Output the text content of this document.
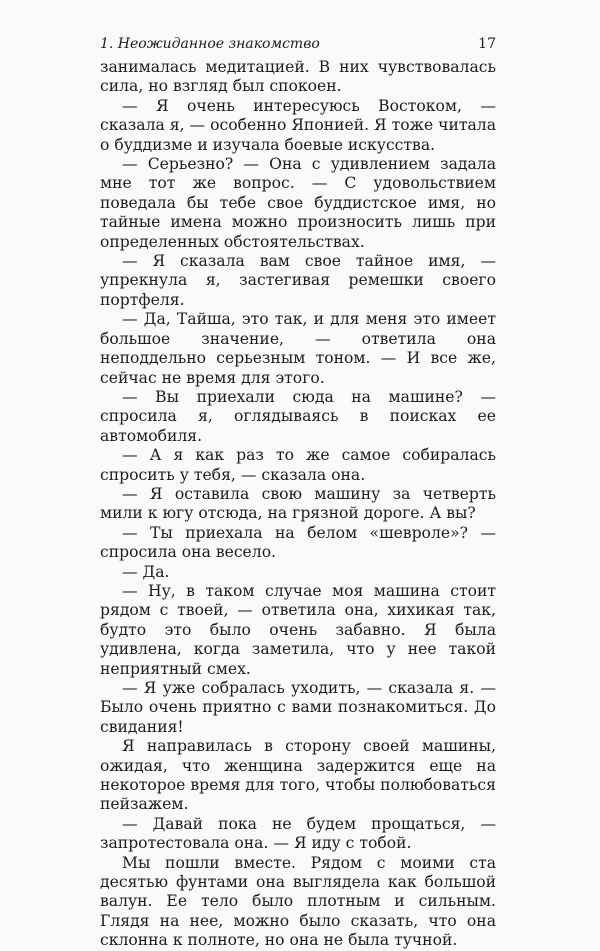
1. Неожиданное знакомство	17

занималась медитацией. В них чувствовалась сила, но взгляд был спокоен.

— Я очень интересуюсь Востоком, — сказала я, — особенно Японией. Я тоже читала о буддизме и изучала боевые искусства.

— Серьезно? — Она с удивлением задала мне тот же вопрос. — С удовольствием поведала бы тебе свое буддистское имя, но тайные имена можно произносить лишь при определенных обстоятельствах.

— Я сказала вам свое тайное имя, — упрекнула я, застегивая ремешки своего портфеля.

— Да, Тайша, это так, и для меня это имеет большое значение, — ответила она неподдельно серьезным тоном. — И все же, сейчас не время для этого.

— Вы приехали сюда на машине? — спросила я, оглядываясь в поисках ее автомобиля.

— А я как раз то же самое собиралась спросить у тебя, — сказала она.

— Я оставила свою машину за четверть мили к югу отсюда, на грязной дороге. А вы?

— Ты приехала на белом «шевроле»? — спросила она весело.

— Да.

— Ну, в таком случае моя машина стоит рядом с твоей, — ответила она, хихикая так, будто это было очень забавно. Я была удивлена, когда заметила, что у нее такой неприятный смех.

— Я уже собралась уходить, — сказала я. — Было очень приятно с вами познакомиться. До свидания!

Я направилась в сторону своей машины, ожидая, что женщина задержится еще на некоторое время для того, чтобы полюбоваться пейзажем.

— Давай пока не будем прощаться, — запротестовала она. — Я иду с тобой.

Мы пошли вместе. Рядом с моими ста десятью фунтами она выглядела как большой валун. Ее тело было плотным и сильным. Глядя на нее, можно было сказать, что она склонна к полноте, но она не была тучной.
